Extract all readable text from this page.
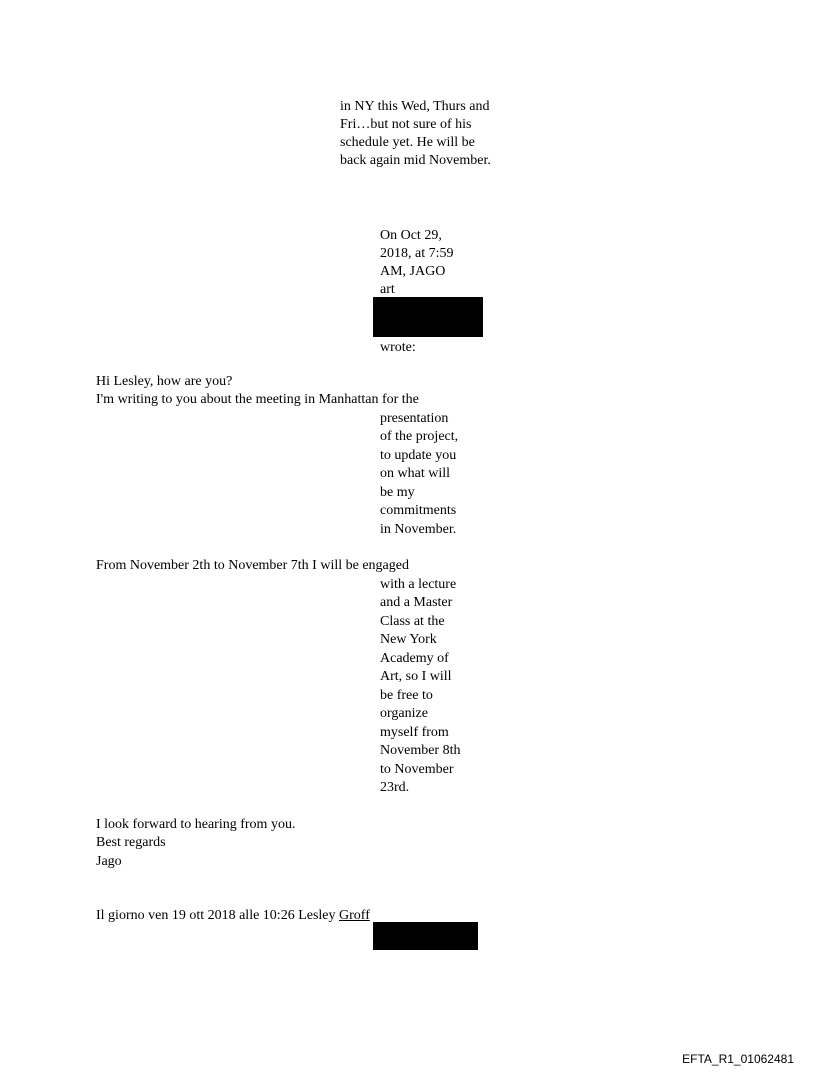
in NY this Wed, Thurs and

Fri…but not sure of his

schedule yet. He will be

back again mid November.

On Oct 29,

2018, at 7:59

AM, JAGO

art

wrote:

Hi Lesley, how are you?

I'm writing to you about the meeting in Manhattan for the

presentation

of the project,

to update you

on what will

be my

commitments

in November.

From November 2th to November 7th I will be engaged

with a lecture

and a Master

Class at the

New York

Academy of

Art, so I will

be free to

organize

myself from

November 8th

to November

23rd.

I look forward to hearing from you.

Best regards

Jago

Il giorno ven 19 ott 2018 alle 10:26 Lesley Groff

EFTA_R1_01062481
